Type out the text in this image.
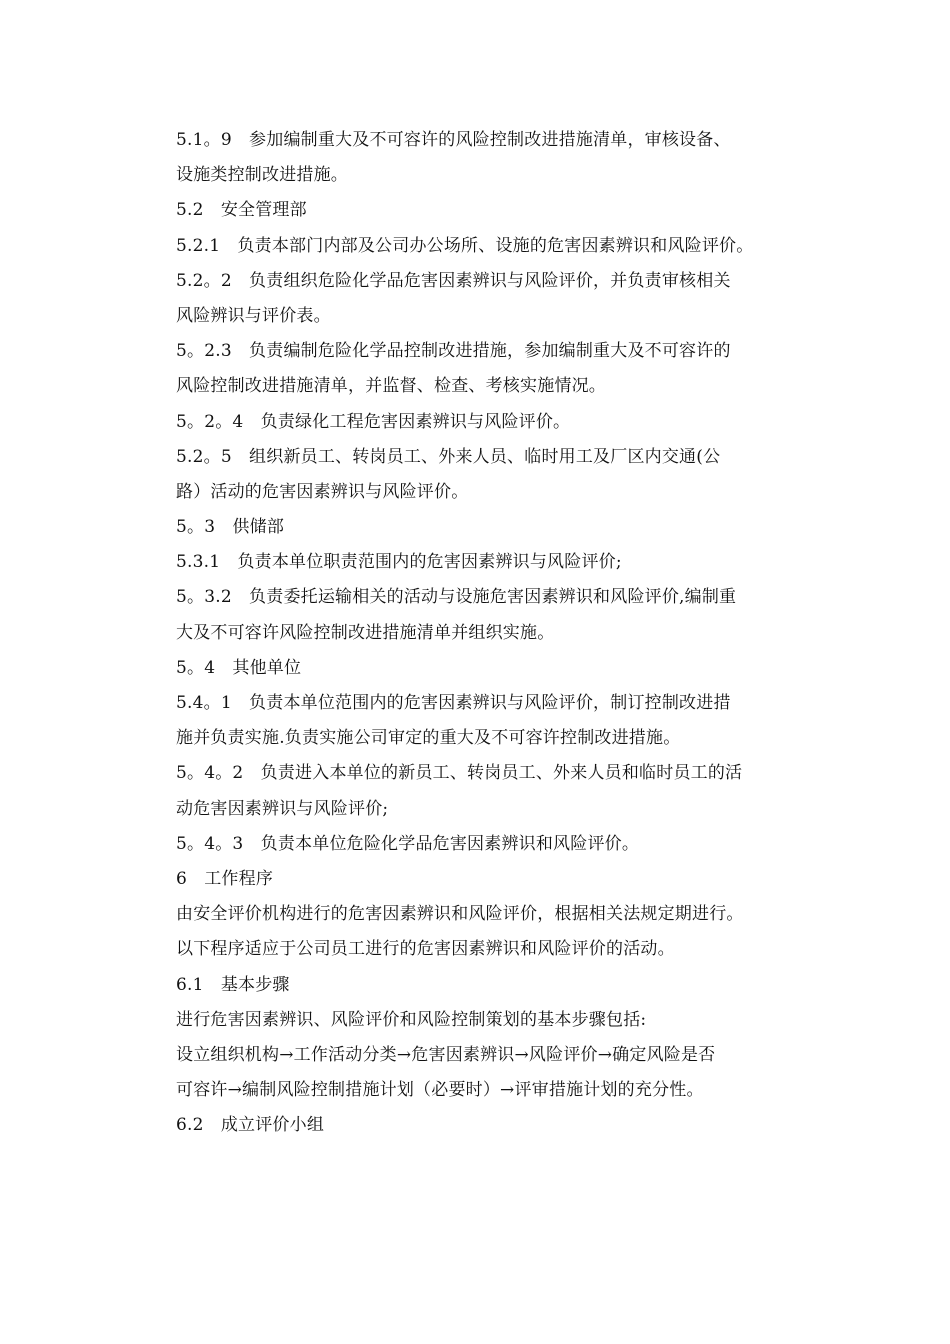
5.1。9　参加编制重大及不可容许的风险控制改进措施清单，审核设备、
设施类控制改进措施。
5.2　安全管理部
5.2.1　负责本部门内部及公司办公场所、设施的危害因素辨识和风险评价。
5.2。2　负责组织危险化学品危害因素辨识与风险评价，并负责审核相关
风险辨识与评价表。
5。2.3　负责编制危险化学品控制改进措施，参加编制重大及不可容许的
风险控制改进措施清单，并监督、检查、考核实施情况。
5。2。4　负责绿化工程危害因素辨识与风险评价。
5.2。5　组织新员工、转岗员工、外来人员、临时用工及厂区内交通(公
路）活动的危害因素辨识与风险评价。
5。3　供储部
5.3.1　负责本单位职责范围内的危害因素辨识与风险评价;
5。3.2　负责委托运输相关的活动与设施危害因素辨识和风险评价,编制重
大及不可容许风险控制改进措施清单并组织实施。
5。4　其他单位
5.4。1　负责本单位范围内的危害因素辨识与风险评价，制订控制改进措
施并负责实施.负责实施公司审定的重大及不可容许控制改进措施。
5。4。2　负责进入本单位的新员工、转岗员工、外来人员和临时员工的活
动危害因素辨识与风险评价;
5。4。3　负责本单位危险化学品危害因素辨识和风险评价。
6　工作程序
由安全评价机构进行的危害因素辨识和风险评价，根据相关法规定期进行。
以下程序适应于公司员工进行的危害因素辨识和风险评价的活动。
6.1　基本步骤
进行危害因素辨识、风险评价和风险控制策划的基本步骤包括:
设立组织机构→工作活动分类→危害因素辨识→风险评价→确定风险是否
可容许→编制风险控制措施计划（必要时）→评审措施计划的充分性。
6.2　成立评价小组
